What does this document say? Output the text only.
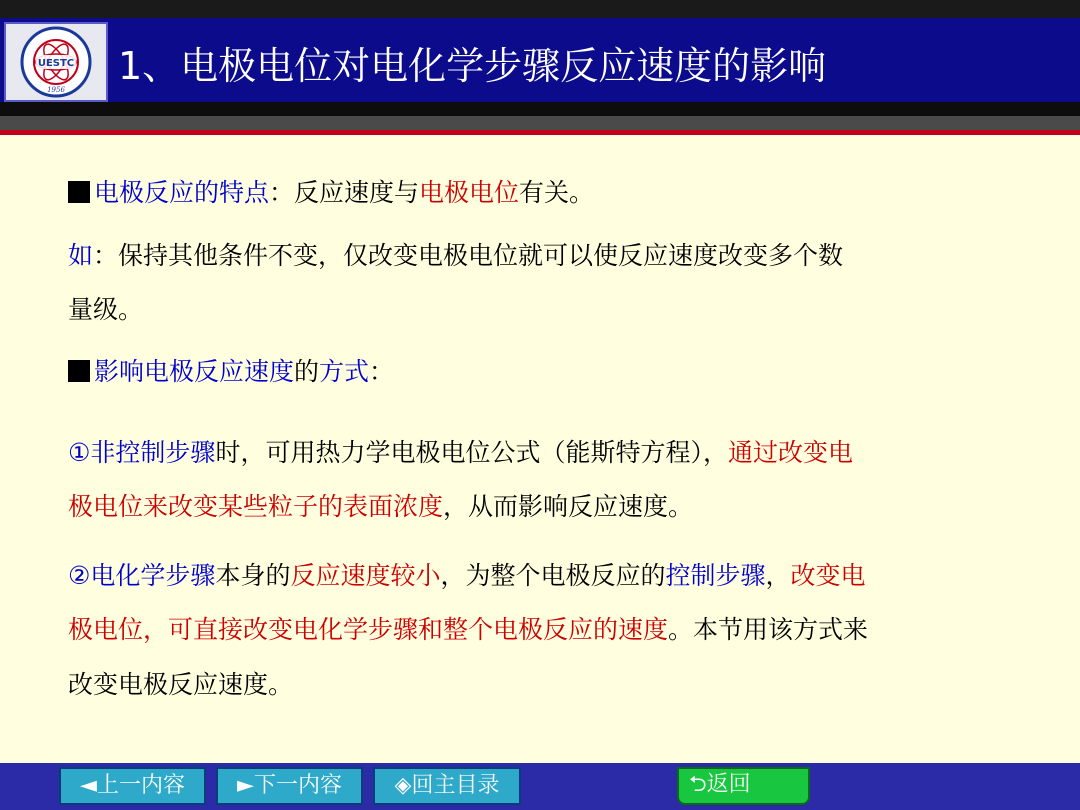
UESTC
1956
1、电极电位对电化学步骤反应速度的影响
电极反应的特点：反应速度与电极电位有关。
如：保持其他条件不变，仅改变电极电位就可以使反应速度改变多个数
量级。
影响电极反应速度的方式：
①非控制步骤时，可用热力学电极电位公式（能斯特方程），通过改变电
极电位来改变某些粒子的表面浓度，从而影响反应速度。
②电化学步骤本身的反应速度较小，为整个电极反应的控制步骤，改变电
极电位，可直接改变电化学步骤和整个电极反应的速度。本节用该方式来
改变电极反应速度。
◄上一内容	►下一内容	◈回主目录	⮌返回
